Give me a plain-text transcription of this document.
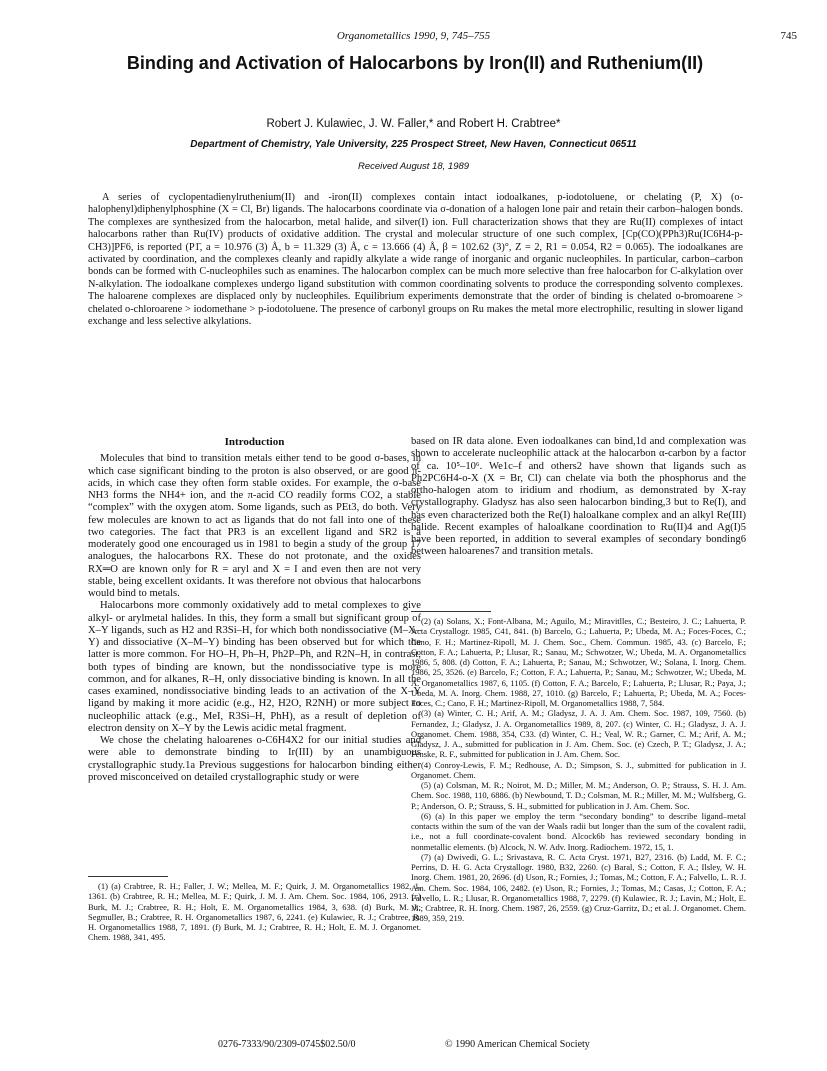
Organometallics 1990, 9, 745–755	745
Binding and Activation of Halocarbons by Iron(II) and Ruthenium(II)
Robert J. Kulawiec, J. W. Faller,* and Robert H. Crabtree*
Department of Chemistry, Yale University, 225 Prospect Street, New Haven, Connecticut 06511
Received August 18, 1989
A series of cyclopentadienylruthenium(II) and -iron(II) complexes contain intact iodoalkanes, p-iodotoluene, or chelating (P, X) (o-halophenyl)diphenylphosphine (X = Cl, Br) ligands. The halocarbons coordinate via σ-donation of a halogen lone pair and retain their carbon–halogen bonds. The complexes are synthesized from the halocarbon, metal halide, and silver(I) ion. Full characterization shows that they are Ru(II) complexes of intact halocarbons rather than Ru(IV) products of oxidative addition. The crystal and molecular structure of one such complex, [Cp(CO)(PPh3)Ru(IC6H4-p-CH3)]PF6, is reported (P1̄, a = 10.976 (3) Å, b = 11.329 (3) Å, c = 13.666 (4) Å, β = 102.62 (3)°, Z = 2, R1 = 0.054, R2 = 0.065). The iodoalkanes are activated by coordination, and the complexes cleanly and rapidly alkylate a wide range of inorganic and organic nucleophiles. In particular, carbon–carbon bonds can be formed with C-nucleophiles such as enamines. The halocarbon complex can be much more selective than free halocarbon for C-alkylation over N-alkylation. The iodoalkane complexes undergo ligand substitution with common coordinating solvents to produce the corresponding solvento complexes. The haloarene complexes are displaced only by nucleophiles. Equilibrium experiments demonstrate that the order of binding is chelated o-bromoarene > chelated o-chloroarene > iodomethane > p-iodotoluene. The presence of carbonyl groups on Ru makes the metal more electrophilic, resulting in slower ligand exchange and less selective alkylations.
Introduction

Molecules that bind to transition metals either tend to be good σ-bases, in which case significant binding to the proton is also observed, or are good π-acids, in which case they often form stable oxides. For example, the σ-base NH3 forms the NH4+ ion, and the π-acid CO readily forms CO2, a stable “complex” with the oxygen atom. Some ligands, such as PEt3, do both. Very few molecules are known to act as ligands that do not fall into one of these two categories. The fact that PR3 is an excellent ligand and SR2 is a moderately good one encouraged us in 1981 to begin a study of the group 17 analogues, the halocarbons RX. These do not protonate, and the oxides RX═O are known only for R = aryl and X = I and even then are not very stable, being excellent oxidants. It was therefore not obvious that halocarbons would bind to metals.

Halocarbons more commonly oxidatively add to metal complexes to give alkyl- or arylmetal halides. In this, they form a small but significant group of X–Y ligands, such as H2 and R3Si–H, for which both nondissociative (M–X–Y) and dissociative (X–M–Y) binding has been observed but for which the latter is more common. For HO–H, Ph–H, Ph2P–Ph, and R2N–H, in contrast, both types of binding are known, but the nondissociative type is more common, and for alkanes, R–H, only dissociative binding is known. In all the cases examined, nondissociative binding leads to an activation of the X–Y ligand by making it more acidic (e.g., H2, H2O, R2NH) or more subject to nucleophilic attack (e.g., MeI, R3Si–H, PhH), as a result of depletion of electron density on X–Y by the Lewis acidic metal fragment.

We chose the chelating haloarenes o-C6H4X2 for our initial studies and were able to demonstrate binding to Ir(III) by an unambiguous crystallographic study.1a Previous suggestions for halocarbon binding either proved misconceived on detailed crystallographic study or were

based on IR data alone. Even iodoalkanes can bind,1d and complexation was shown to accelerate nucleophilic attack at the halocarbon α-carbon by a factor of ca. 10⁵–10⁶. We1c–f and others2 have shown that ligands such as Ph2PC6H4-o-X (X = Br, Cl) can chelate via both the phosphorus and the ortho-halogen atom to iridium and rhodium, as demonstrated by X-ray crystallography. Gladysz has also seen halocarbon binding,3 but to Re(I), and has even characterized both the Re(I) haloalkane complex and an alkyl Re(III) halide. Recent examples of haloalkane coordination to Ru(II)4 and Ag(I)5 have been reported, in addition to several examples of secondary bonding6 between haloarenes7 and transition metals.

(2) (a) Solans, X.; Font-Albana, M.; Aguilo, M.; Miravitlles, C.; Besteiro, J. C.; Lahuerta, P. Acta Crystallogr. 1985, C41, 841. (b) Barcelo, G.; Lahuerta, P.; Ubeda, M. A.; Foces-Foces, C.; Cano, F. H.; Martinez-Ripoll, M. J. Chem. Soc., Chem. Commun. 1985, 43. (c) Barcelo, F.; Cotton, F. A.; Lahuerta, P.; Llusar, R.; Sanau, M.; Schwotzer, W.; Ubeda, M. A. Organometallics 1986, 5, 808. (d) Cotton, F. A.; Lahuerta, P.; Sanau, M.; Schwotzer, W.; Solana, I. Inorg. Chem. 1986, 25, 3526. (e) Barcelo, F.; Cotton, F. A.; Lahuerta, P.; Sanau, M.; Schwotzer, W.; Ubeda, M. A. Organometallics 1987, 6, 1105. (f) Cotton, F. A.; Barcelo, F.; Lahuerta, P.; Llusar, R.; Paya, J.; Ubeda, M. A. Inorg. Chem. 1988, 27, 1010. (g) Barcelo, F.; Lahuerta, P.; Ubeda, M. A.; Foces-Foces, C.; Cano, F. H.; Martinez-Ripoll, M. Organometallics 1988, 7, 584.

(3) (a) Winter, C. H.; Arif, A. M.; Gladysz, J. A. J. Am. Chem. Soc. 1987, 109, 7560. (b) Fernandez, J.; Gladysz, J. A. Organometallics 1989, 8, 207. (c) Winter, C. H.; Gladysz, J. A. J. Organomet. Chem. 1988, 354, C33. (d) Winter, C. H.; Veal, W. R.; Garner, C. M.; Arif, A. M.; Gladysz, J. A., submitted for publication in J. Am. Chem. Soc. (e) Czech, P. T.; Gladysz, J. A.; Fenske, R. F., submitted for publication in J. Am. Chem. Soc.

(4) Conroy-Lewis, F. M.; Redhouse, A. D.; Simpson, S. J., submitted for publication in J. Organomet. Chem.

(5) (a) Colsman, M. R.; Noirot, M. D.; Miller, M. M.; Anderson, O. P.; Strauss, S. H. J. Am. Chem. Soc. 1988, 110, 6886. (b) Newbound, T. D.; Colsman, M. R.; Miller, M. M.; Wulfsberg, G. P.; Anderson, O. P.; Strauss, S. H., submitted for publication in J. Am. Chem. Soc.

(6) (a) In this paper we employ the term “secondary bonding” to describe ligand–metal contacts within the sum of the van der Waals radii but longer than the sum of the covalent radii, i.e., not a full coordinate-covalent bond. Alcock6b has reviewed secondary bonding in nonmetallic elements. (b) Alcock, N. W. Adv. Inorg. Radiochem. 1972, 15, 1.

(7) (a) Dwivedi, G. L.; Srivastava, R. C. Acta Cryst. 1971, B27, 2316. (b) Ladd, M. F. C.; Perrins, D. H. G. Acta Crystallogr. 1980, B32, 2260. (c) Baral, S.; Cotton, F. A.; Ilsley, W. H. Inorg. Chem. 1981, 20, 2696. (d) Uson, R.; Fornies, J.; Tomas, M.; Cotton, F. A.; Falvello, L. R. J. Am. Chem. Soc. 1984, 106, 2482. (e) Uson, R.; Fornies, J.; Tomas, M.; Casas, J.; Cotton, F. A.; Falvello, L. R.; Llusar, R. Organometallics 1988, 7, 2279. (f) Kulawiec, R. J.; Lavin, M.; Holt, E. M.; Crabtree, R. H. Inorg. Chem. 1987, 26, 2559. (g) Cruz-Garritz, D.; et al. J. Organomet. Chem. 1989, 359, 219.

(1) (a) Crabtree, R. H.; Faller, J. W.; Mellea, M. F.; Quirk, J. M. Organometallics 1982, 1, 1361. (b) Crabtree, R. H.; Mellea, M. F.; Quirk, J. M. J. Am. Chem. Soc. 1984, 106, 2913. (c) Burk, M. J.; Crabtree, R. H.; Holt, E. M. Organometallics 1984, 3, 638. (d) Burk, M. J.; Segmuller, B.; Crabtree, R. H. Organometallics 1987, 6, 2241. (e) Kulawiec, R. J.; Crabtree, R. H. Organometallics 1988, 7, 1891. (f) Burk, M. J.; Crabtree, R. H.; Holt, E. M. J. Organomet. Chem. 1988, 341, 495.

0276-7333/90/2309-0745$02.50/0	© 1990 American Chemical Society
